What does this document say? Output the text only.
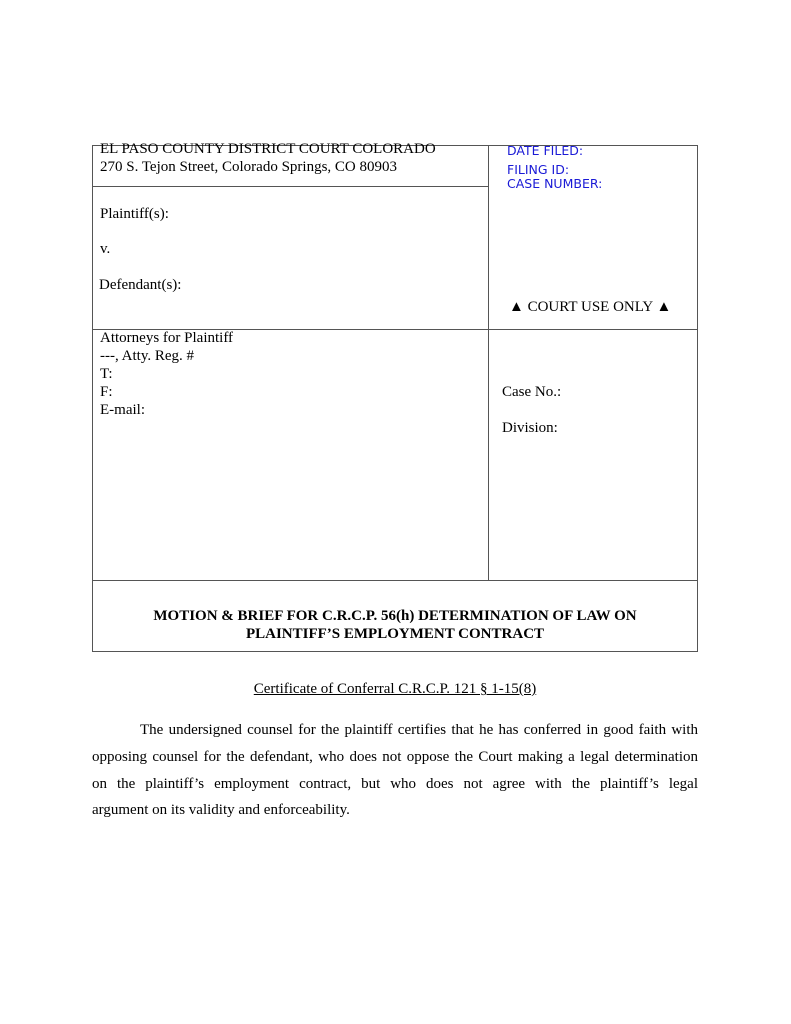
EL PASO COUNTY DISTRICT COURT COLORADO
270 S. Tejon Street, Colorado Springs, CO 80903
Plaintiff(s):
v.
Defendant(s):
DATE FILED:
FILING ID:
CASE NUMBER:
▲ COURT USE ONLY ▲
Attorneys for Plaintiff
---, Atty. Reg. #
T:
F:
E-mail:
Case No.:
Division:
MOTION & BRIEF FOR C.R.C.P. 56(h) DETERMINATION OF LAW ON
PLAINTIFF’S EMPLOYMENT CONTRACT
Certificate of Conferral C.R.C.P. 121 § 1-15(8)
The undersigned counsel for the plaintiff certifies that he has conferred in good faith with
opposing counsel for the defendant, who does not oppose the Court making a legal determination
on the plaintiff’s employment contract, but who does not agree with the plaintiff’s legal
argument on its validity and enforceability.
